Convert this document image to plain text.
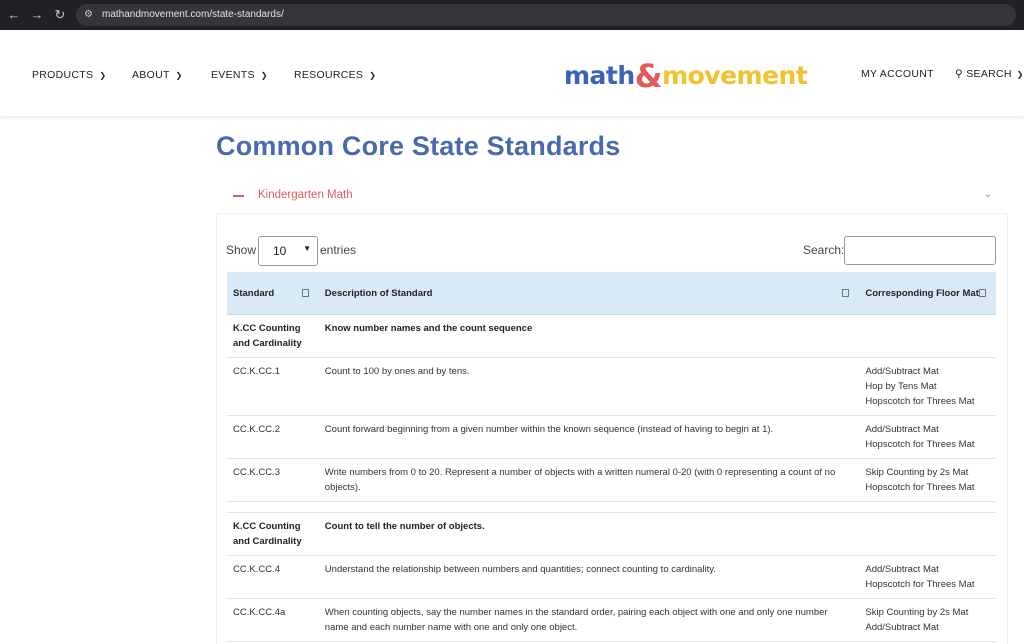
← → ↻ ⚙ mathandmovement.com/state-standards/
PRODUCTS ❯ ABOUT ❯	EVENTS ❯ RESOURCES ❯	math&movement	MY ACCOUNT ⚲ SEARCH ❯
Common Core State Standards
Kindergarten Math	⌄
Show 10 ▼ entries	Search:
Standard	Description of Standard	Corresponding Floor Mat

K.CC Counting and Cardinality	Know number names and the count sequence	
CC.K.CC.1	Count to 100 by ones and by tens.	Add/Subtract Mat
Hop by Tens Mat
Hopscotch for Threes Mat

CC.K.CC.2	Count forward beginning from a given number within the known sequence (instead of having to begin at 1).	Add/Subtract Mat
Hopscotch for Threes Mat

CC.K.CC.3	Write numbers from 0 to 20. Represent a number of objects with a written numeral 0-20 (with 0 representing a count of no objects).	Skip Counting by 2s Mat
Hopscotch for Threes Mat

K.CC Counting and Cardinality	Count to tell the number of objects.	
CC.K.CC.4	Understand the relationship between numbers and quantities; connect counting to cardinality.	Add/Subtract Mat
Hopscotch for Threes Mat

CC.K.CC.4a	When counting objects, say the number names in the standard order, pairing each object with one and only one number name and each number name with one and only one object.	Skip Counting by 2s Mat
Add/Subtract Mat
